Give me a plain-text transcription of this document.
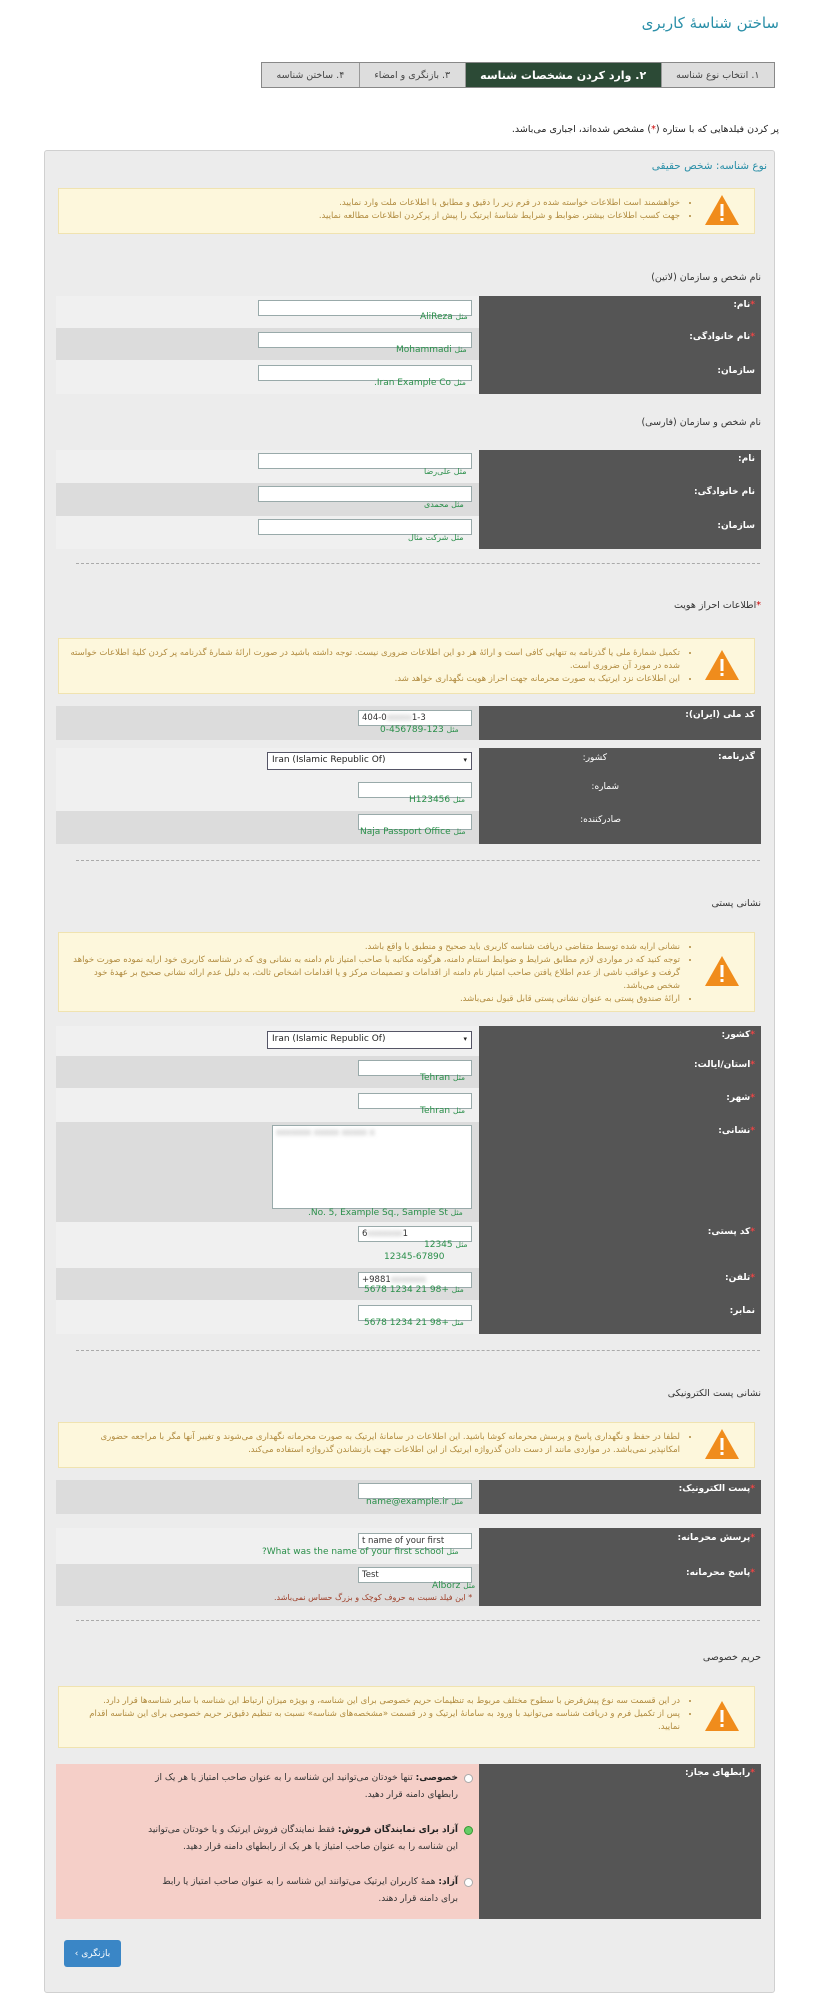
ساختن شناسهٔ کاربری
۱.

انتخاب نوع شناسه
۲.

وارد کردن مشخصات شناسه
۳.

بازنگری و امضاء
۴.

ساختن شناسه
پر کردن فیلدهایی که با ستاره (*) مشخص شده‌اند، اجباری می‌باشد.
نوع شناسه: شخص حقیقی
• خواهشمند است اطلاعات خواسته شده در فرم زیر را دقیق و مطابق با اطلاعات ملت وارد نمایید.
• جهت کسب اطلاعات بیشتر، ضوابط و شرایط شناسهٔ ایرتیک را پیش از پرکردن اطلاعات مطالعه نمایید.
نام شخص و سازمان (لاتین)
*نام:
مثل AliReza
*نام خانوادگی:
مثل Mohammadi
سازمان:
مثل Iran Example Co.
نام شخص و سازمان (فارسی)
نام:
مثل علی‌رضا
نام خانوادگی:
مثل محمدی
سازمان:
مثل شرکت مثال
*اطلاعات احراز هویت
• تکمیل شمارهٔ ملی یا گذرنامه به تنهایی کافی است و ارائهٔ هر دو این اطلاعات ضروری نیست. توجه داشته باشید در صورت ارائهٔ شمارهٔ گذرنامه پر کردن کلیهٔ اطلاعات خواسته شده در مورد آن ضروری است.
• این اطلاعات نزد ایرتیک به صورت محرمانه جهت احراز هویت نگهداری خواهد شد.
کد ملی (ایران):
404-0xxxxx1-3
مثل 123-456789-0
گذرنامه:
کشور:
Iran (Islamic Republic Of)	▾
شماره:
مثل H123456
صادرکننده:
مثل Naja Passport Office
نشانی پستی
• نشانی ارایه شده توسط متقاضی دریافت شناسه کاربری باید صحیح و منطبق با واقع باشد.
• توجه کنید که در مواردی لازم مطابق شرایط و ضوابط استنام دامنه، هرگونه مکاتبه با صاحب امتیاز نام دامنه به نشانی وی که در شناسه کاربری خود ارایه نموده صورت خواهد گرفت و عواقب ناشی از عدم اطلاع یافتن صاحب امتیاز نام دامنه از اقدامات و تصمیمات مرکز و یا اقدامات اشخاص ثالث، به دلیل عدم ارائه نشانی صحیح بر عهدهٔ خود شخص می‌باشد.
• ارائهٔ صندوق پستی به عنوان نشانی پستی قابل قبول نمی‌باشد.
*کشور:
Iran (Islamic Republic Of)	▾
*استان/ایالت:
مثل Tehran
*شهر:
مثل Tehran
*نشانی:
xxxxxxx xxxxx xxxxx x
مثل No. 5, Example Sq., Sample St.
*کد پستی:
6xxxxxxx1
مثل 12345
12345-67890
*تلفن:
+9881xxxxxxx
مثل +98 21 1234 5678
نمابر:
مثل +98 21 1234 5678
نشانی پست الکترونیکی
• لطفا در حفظ و نگهداری پاسخ و پرسش محرمانه کوشا باشید. این اطلاعات در سامانهٔ ایرتیک به صورت محرمانه نگهداری می‌شوند و تغییر آنها مگر با مراجعه حضوری امکانپذیر نمی‌باشد. در مواردی مانند از دست دادن گذرواژه ایرتیک از این اطلاعات جهت بازنشاندن گذرواژه استفاده می‌کند.
*پست الکترونیک:
مثل name@example.ir
*پرسش محرمانه:
t name of your first
مثل What was the name of your first school?
*پاسخ محرمانه:
Test
مثل Alborz
* این فیلد نسبت به حروف کوچک و بزرگ حساس نمی‌باشد.
حریم خصوصی
• در این قسمت سه نوع پیش‌فرض با سطوح مختلف مربوط به تنظیمات حریم خصوصی برای این شناسه، و بویژه میزان ارتباط این شناسه با سایر شناسه‌ها قرار دارد.
• پس از تکمیل فرم و دریافت شناسه می‌توانید با ورود به سامانهٔ ایرتیک و در قسمت «مشخصه‌های شناسه» نسبت به تنظیم دقیق‌تر حریم خصوصی برای این شناسه اقدام نمایید.
*رابطهای مجاز:
خصوصی: تنها خودتان می‌توانید این شناسه را به عنوان صاحب امتیاز یا هر یک از رابطهای دامنه قرار دهید.
آزاد برای نمایندگان فروش: فقط نمایندگان فروش ایرتیک و یا خودتان می‌توانید این شناسه را به عنوان صاحب امتیاز یا هر یک از رابطهای دامنه قرار دهید.
آزاد: همهٔ کاربران ایرتیک می‌توانند این شناسه را به عنوان صاحب امتیاز یا رابط برای دامنه قرار دهند.
بازنگری ›
